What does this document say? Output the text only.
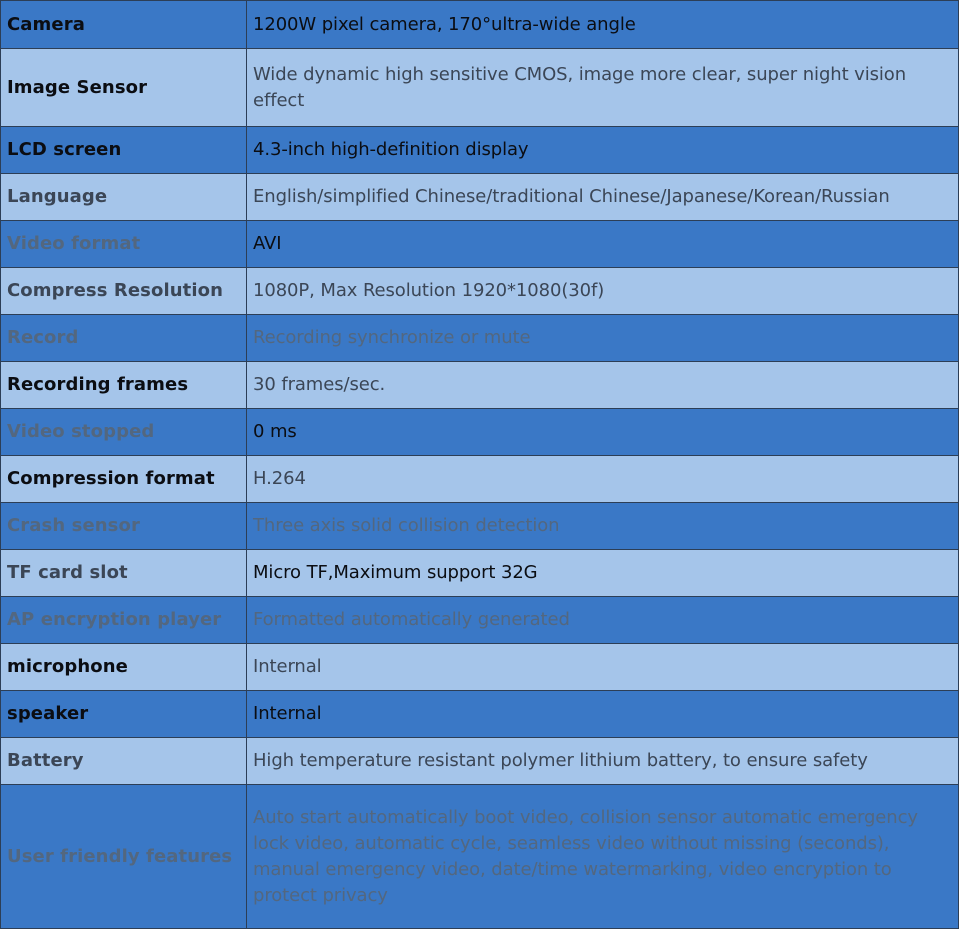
Camera	1200W pixel camera, 170°ultra-wide angle
Image Sensor	Wide dynamic high sensitive CMOS, image more clear, super night vision effect
LCD screen	4.3-inch high-definition display
Language	English/simplified Chinese/traditional Chinese/Japanese/Korean/Russian
Video format	AVI
Compress Resolution	1080P, Max Resolution 1920*1080(30f)
Record	Recording synchronize or mute
Recording frames	30 frames/sec.
Video stopped	0 ms
Compression format	H.264
Crash sensor	Three axis solid collision detection
TF card slot	Micro TF,Maximum support 32G
AP encryption player	Formatted automatically generated
microphone	Internal
speaker	Internal
Battery	High temperature resistant polymer lithium battery, to ensure safety
User friendly features	Auto start automatically boot video, collision sensor automatic emergency lock video, automatic cycle, seamless video without missing (seconds), manual emergency video, date/time watermarking, video encryption to protect privacy
